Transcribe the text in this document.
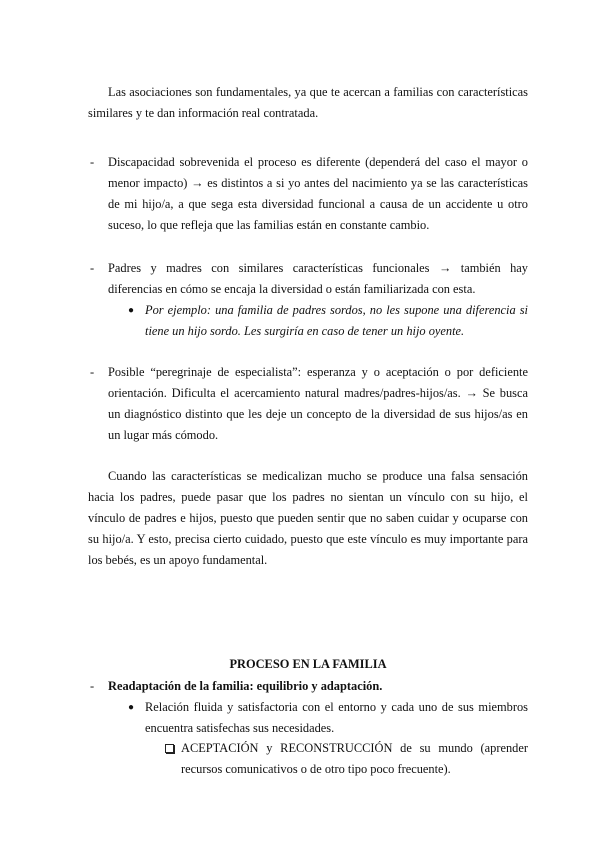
Las asociaciones son fundamentales, ya que te acercan a familias con características similares y te dan información real contratada.

- Discapacidad sobrevenida el proceso es diferente (dependerá del caso el mayor o menor impacto) → es distintos a si yo antes del nacimiento ya se las características de mi hijo/a, a que sega esta diversidad funcional a causa de un accidente u otro suceso, lo que refleja que las familias están en constante cambio.
- Padres y madres con similares características funcionales → también hay diferencias en cómo se encaja la diversidad o están familiarizada con esta.
● Por ejemplo: una familia de padres sordos, no les supone una diferencia si tiene un hijo sordo. Les surgiría en caso de tener un hijo oyente.
- Posible “peregrinaje de especialista”: esperanza y o aceptación o por deficiente orientación. Dificulta el acercamiento natural madres/padres-hijos/as. → Se busca un diagnóstico distinto que les deje un concepto de la diversidad de sus hijos/as en un lugar más cómodo.

Cuando las características se medicalizan mucho se produce una falsa sensación hacia los padres, puede pasar que los padres no sientan un vínculo con su hijo, el vínculo de padres e hijos, puesto que pueden sentir que no saben cuidar y ocuparse con su hijo/a. Y esto, precisa cierto cuidado, puesto que este vínculo es muy importante para los bebés, es un apoyo fundamental.

PROCESO EN LA FAMILIA
- Readaptación de la familia: equilibrio y adaptación.
● Relación fluida y satisfactoria con el entorno y cada uno de sus miembros encuentra satisfechas sus necesidades.
ACEPTACIÓN y RECONSTRUCCIÓN de su mundo (aprender recursos comunicativos o de otro tipo poco frecuente).
